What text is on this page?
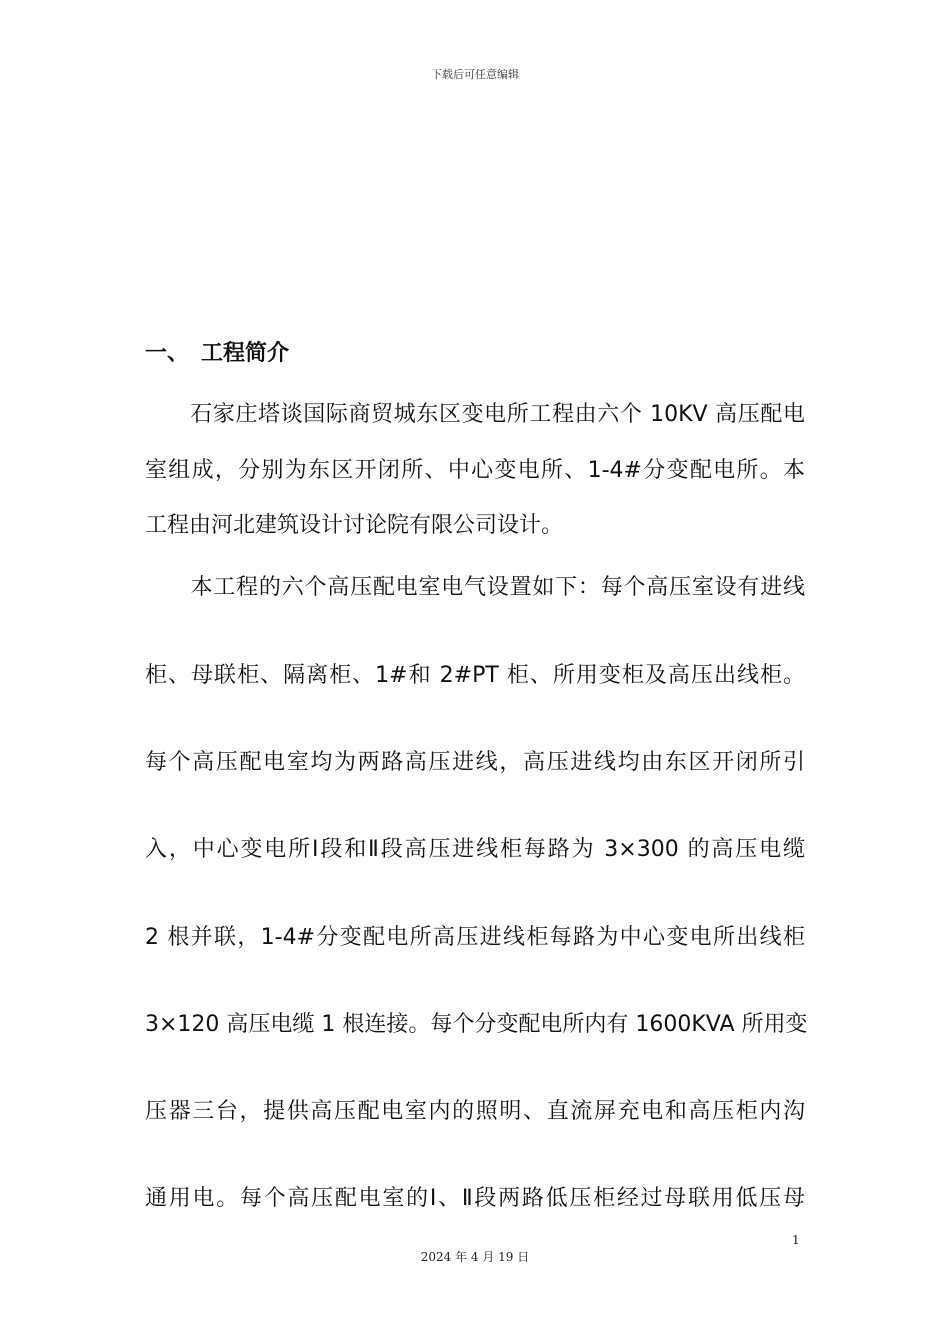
下载后可任意编辑
一、 工程简介
　　石家庄塔谈国际商贸城东区变电所工程由六个 10KV 高压配电
室组成，分别为东区开闭所、中心变电所、1-4#分变配电所。本
工程由河北建筑设计讨论院有限公司设计。
　　本工程的六个高压配电室电气设置如下：每个高压室设有进线
柜、母联柜、隔离柜、1#和 2#PT 柜、所用变柜及高压出线柜。
每个高压配电室均为两路高压进线，高压进线均由东区开闭所引
入，中心变电所Ⅰ段和Ⅱ段高压进线柜每路为 3×300 的高压电缆
2 根并联，1-4#分变配电所高压进线柜每路为中心变电所出线柜
3×120 高压电缆 1 根连接。每个分变配电所内有 1600KVA 所用变
压器三台，提供高压配电室内的照明、直流屏充电和高压柜内沟
通用电。每个高压配电室的Ⅰ、Ⅱ段两路低压柜经过母联用低压母
1
2024 年 4 月 19 日
